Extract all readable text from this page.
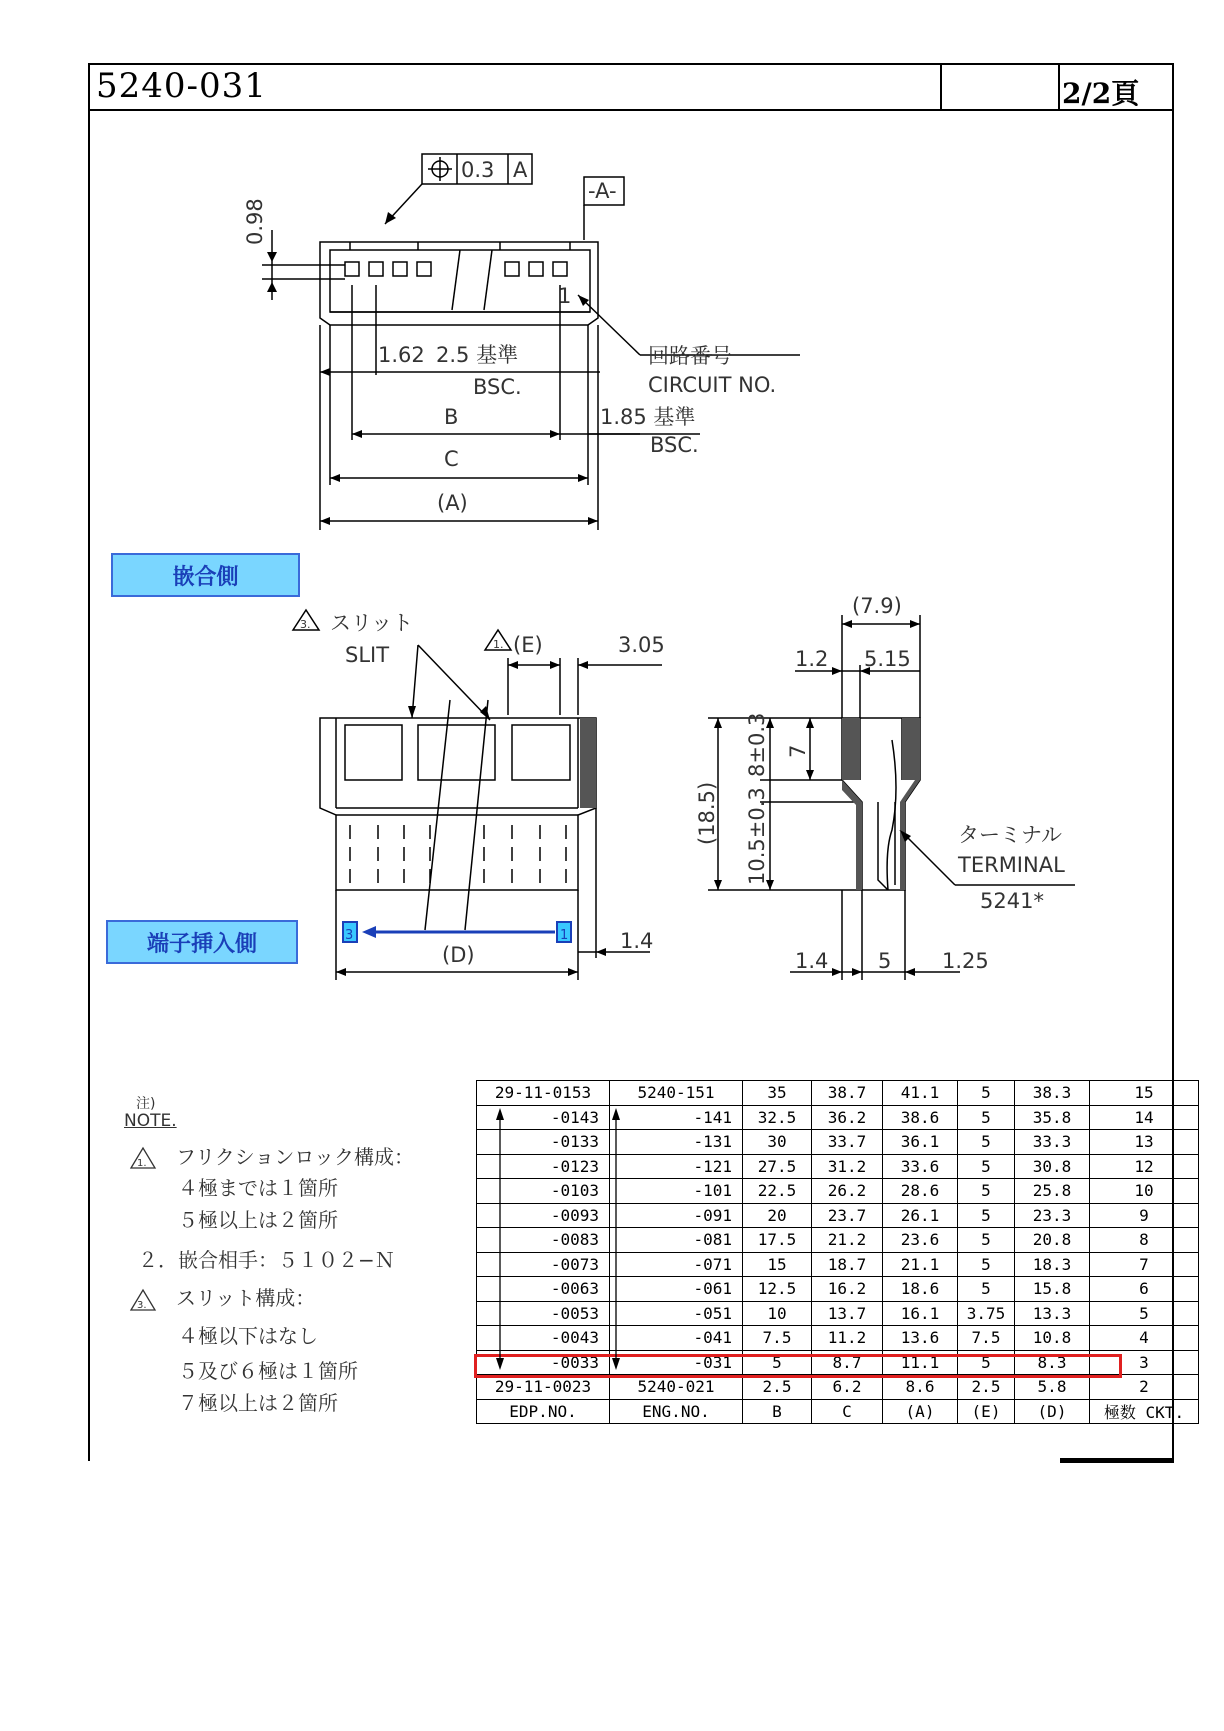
5240-031	2/2頁
0.3 A
-A-
0.98
1
1.62 2.5 基準
BSC.
B	1.85 基準
BSC.
C
(A)
回路番号
CIRCUIT NO.
嵌合側
端子挿入側
3. スリット
SLIT	1. (E)	3.05
(D)
1.4
3	1
(7.9)
1.2 5.15
(18.5) 10.5±0.3
8±0.3 7
ターミナル
TERMINAL
5241*
1.4 5 1.25
注)
NOTE.
1.
3.
フリクションロック構成：
４極までは１箇所
５極以上は２箇所
２．嵌合相手：５１０２−Ｎ
スリット構成：
４極以下はなし
５及び６極は１箇所
７極以上は２箇所
29-11-0153	5240-151	35	38.7	41.1	5	38.3	15
-0143	-141	32.5	36.2	38.6	5	35.8	14
-0133	-131	30	33.7	36.1	5	33.3	13
-0123	-121	27.5	31.2	33.6	5	30.8	12
-0103	-101	22.5	26.2	28.6	5	25.8	10
-0093	-091	20	23.7	26.1	5	23.3	9
-0083	-081	17.5	21.2	23.6	5	20.8	8
-0073	-071	15	18.7	21.1	5	18.3	7
-0063	-061	12.5	16.2	18.6	5	15.8	6
-0053	-051	10	13.7	16.1	3.75	13.3	5
-0043	-041	7.5	11.2	13.6	7.5	10.8	4
-0033	-031	5	8.7	11.1	5	8.3	3
29-11-0023	5240-021	2.5	6.2	8.6	2.5	5.8	2
EDP.NO.	ENG.NO.	B	C	(A)	(E)	(D)	極数 CKT.
